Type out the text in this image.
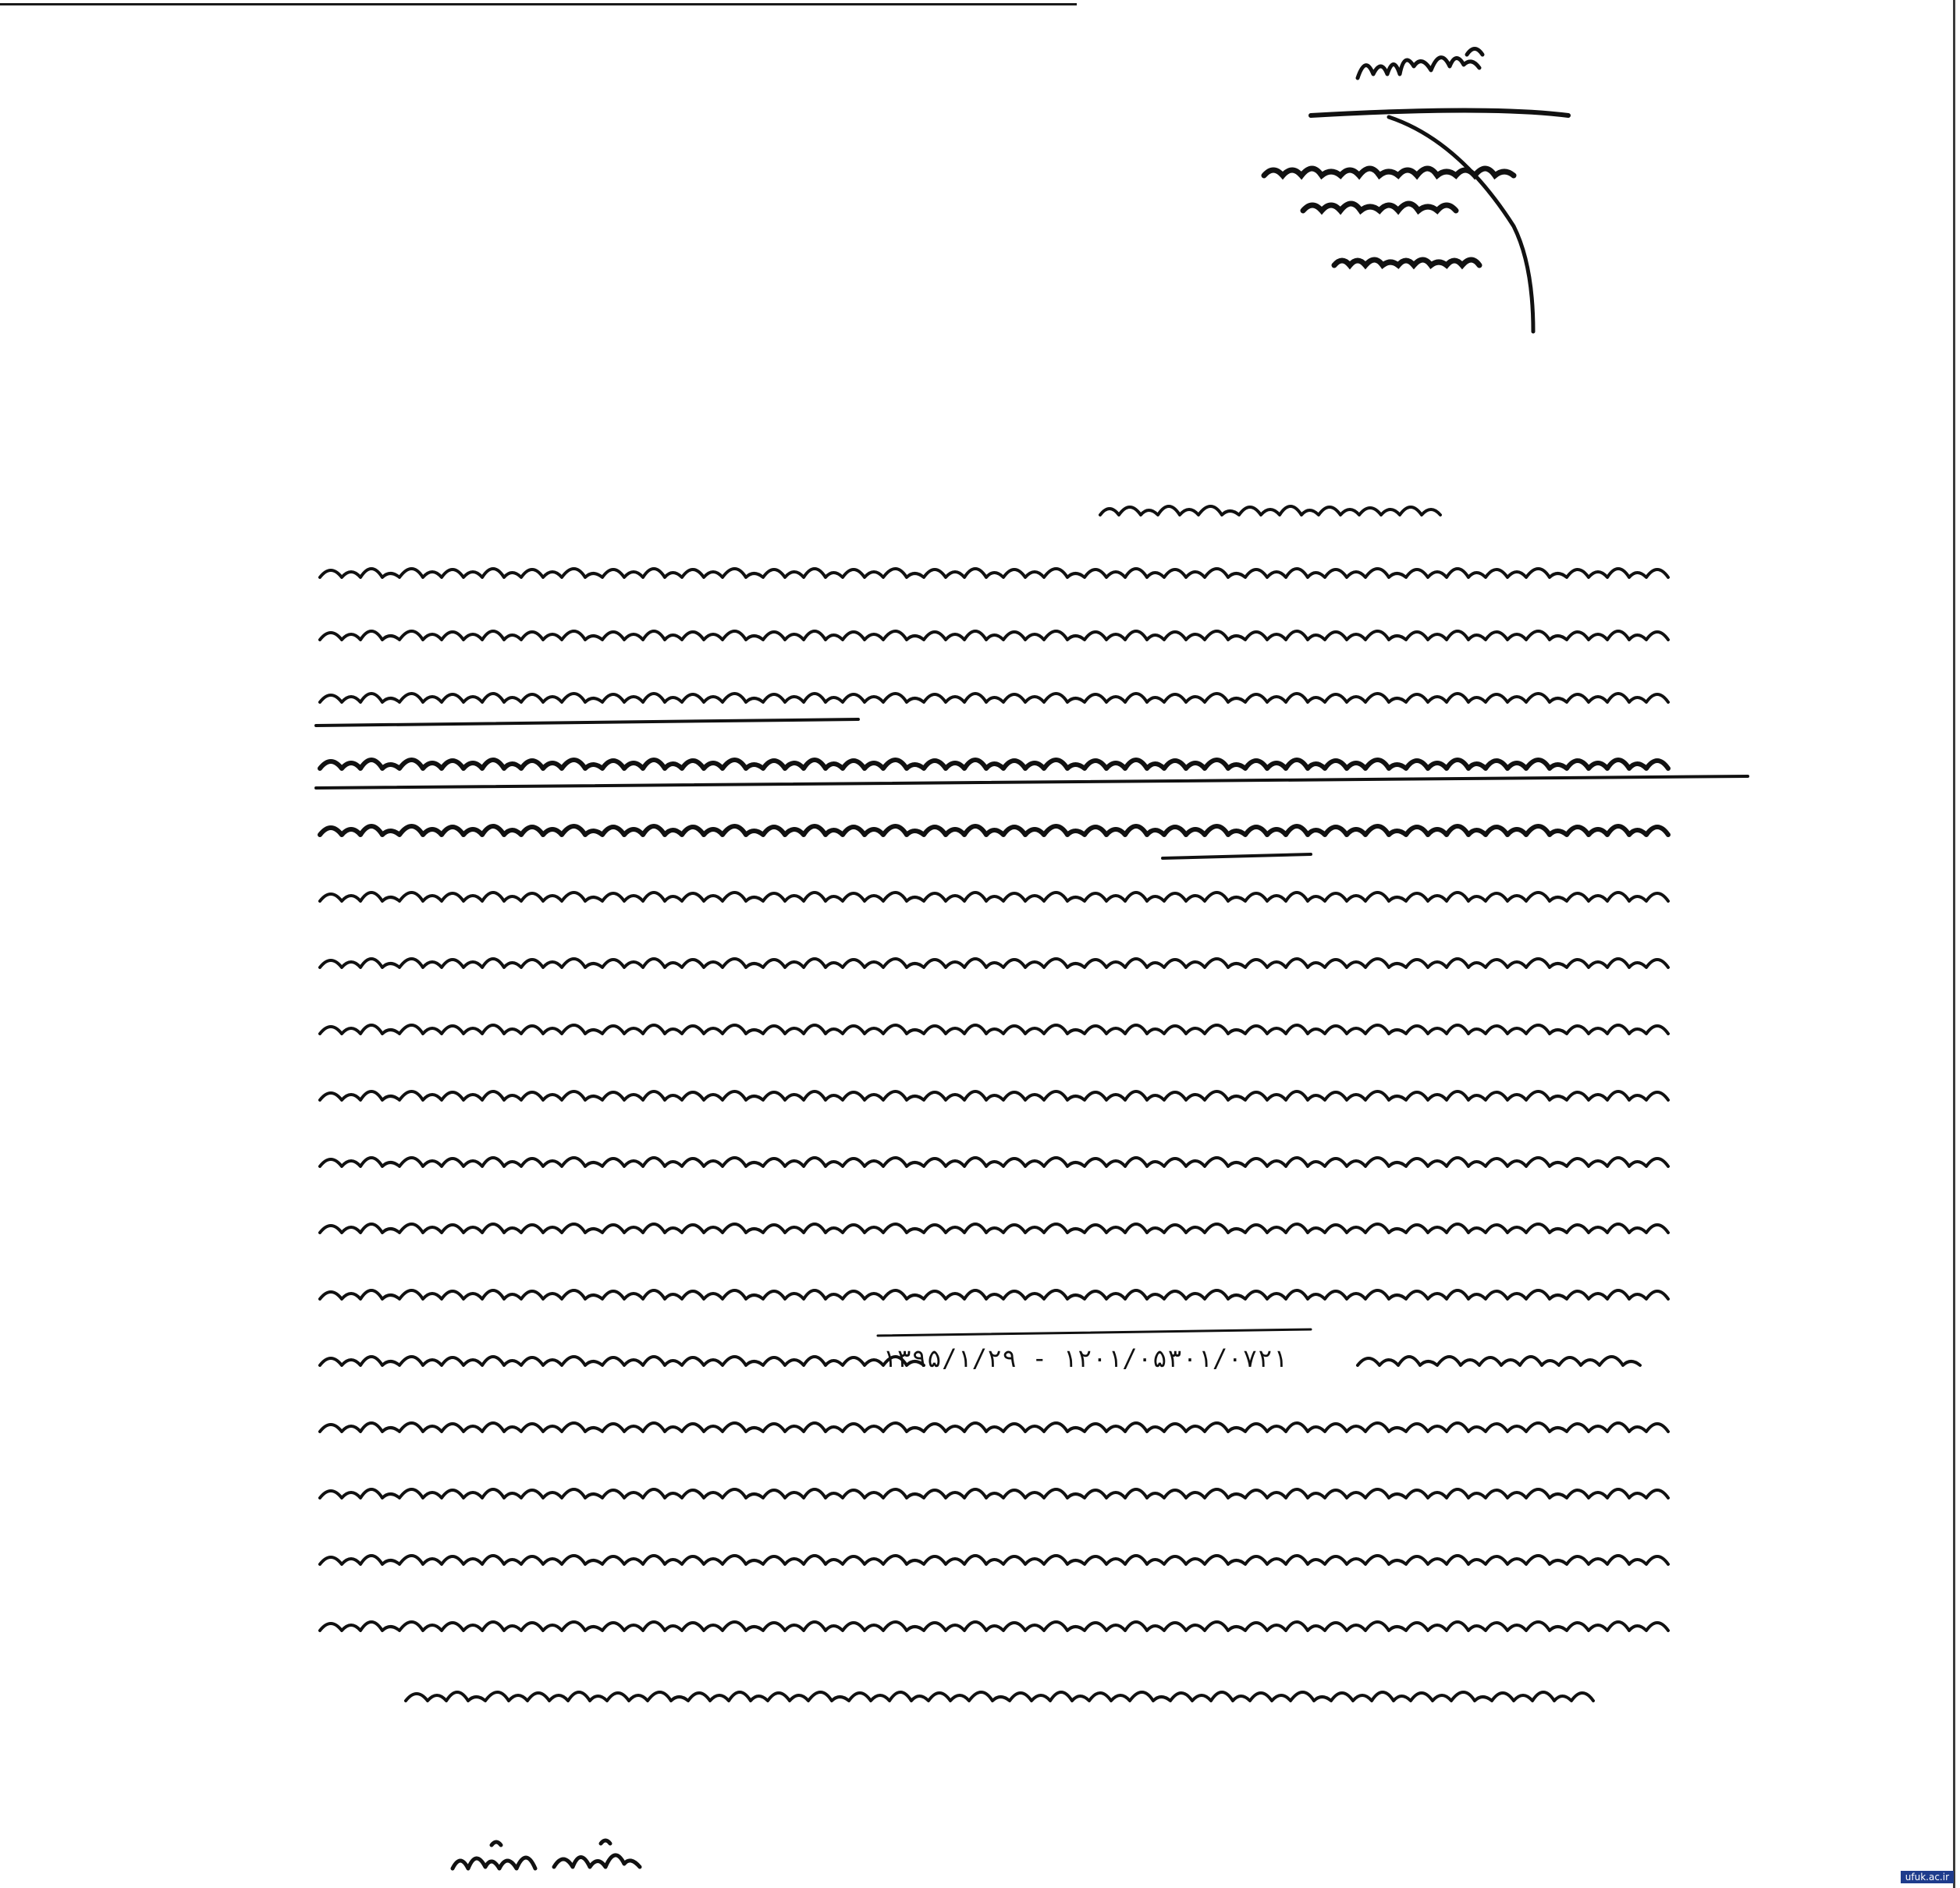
۱۳۹۵/۱/۲۹ - ۱۲۰۱/۰۵۳۰۱/۰۷۲۱
ufuk.ac.ir
